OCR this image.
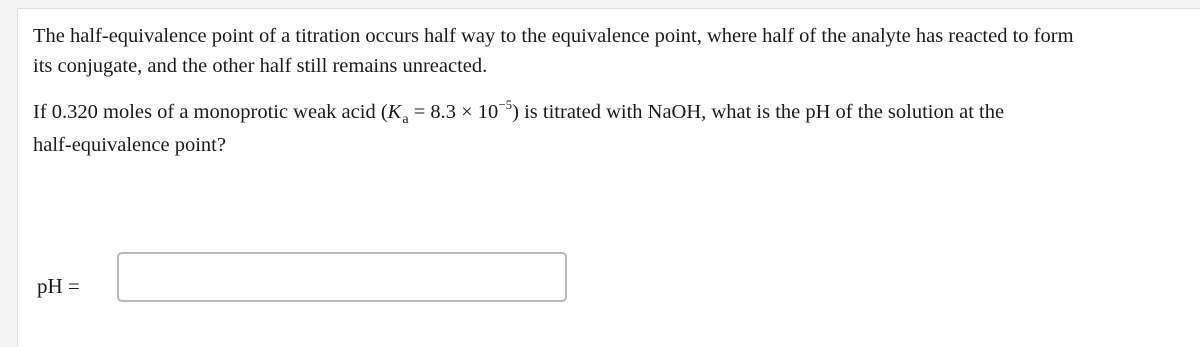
The half-equivalence point of a titration occurs half way to the equivalence point, where half of the analyte has reacted to form
its conjugate, and the other half still remains unreacted.

If 0.320 moles of a monoprotic weak acid $(K_a = 8.3 \times 10^{-5})$ is titrated with NaOH, what is the pH of the solution at the
half-equivalence point?

pH =
